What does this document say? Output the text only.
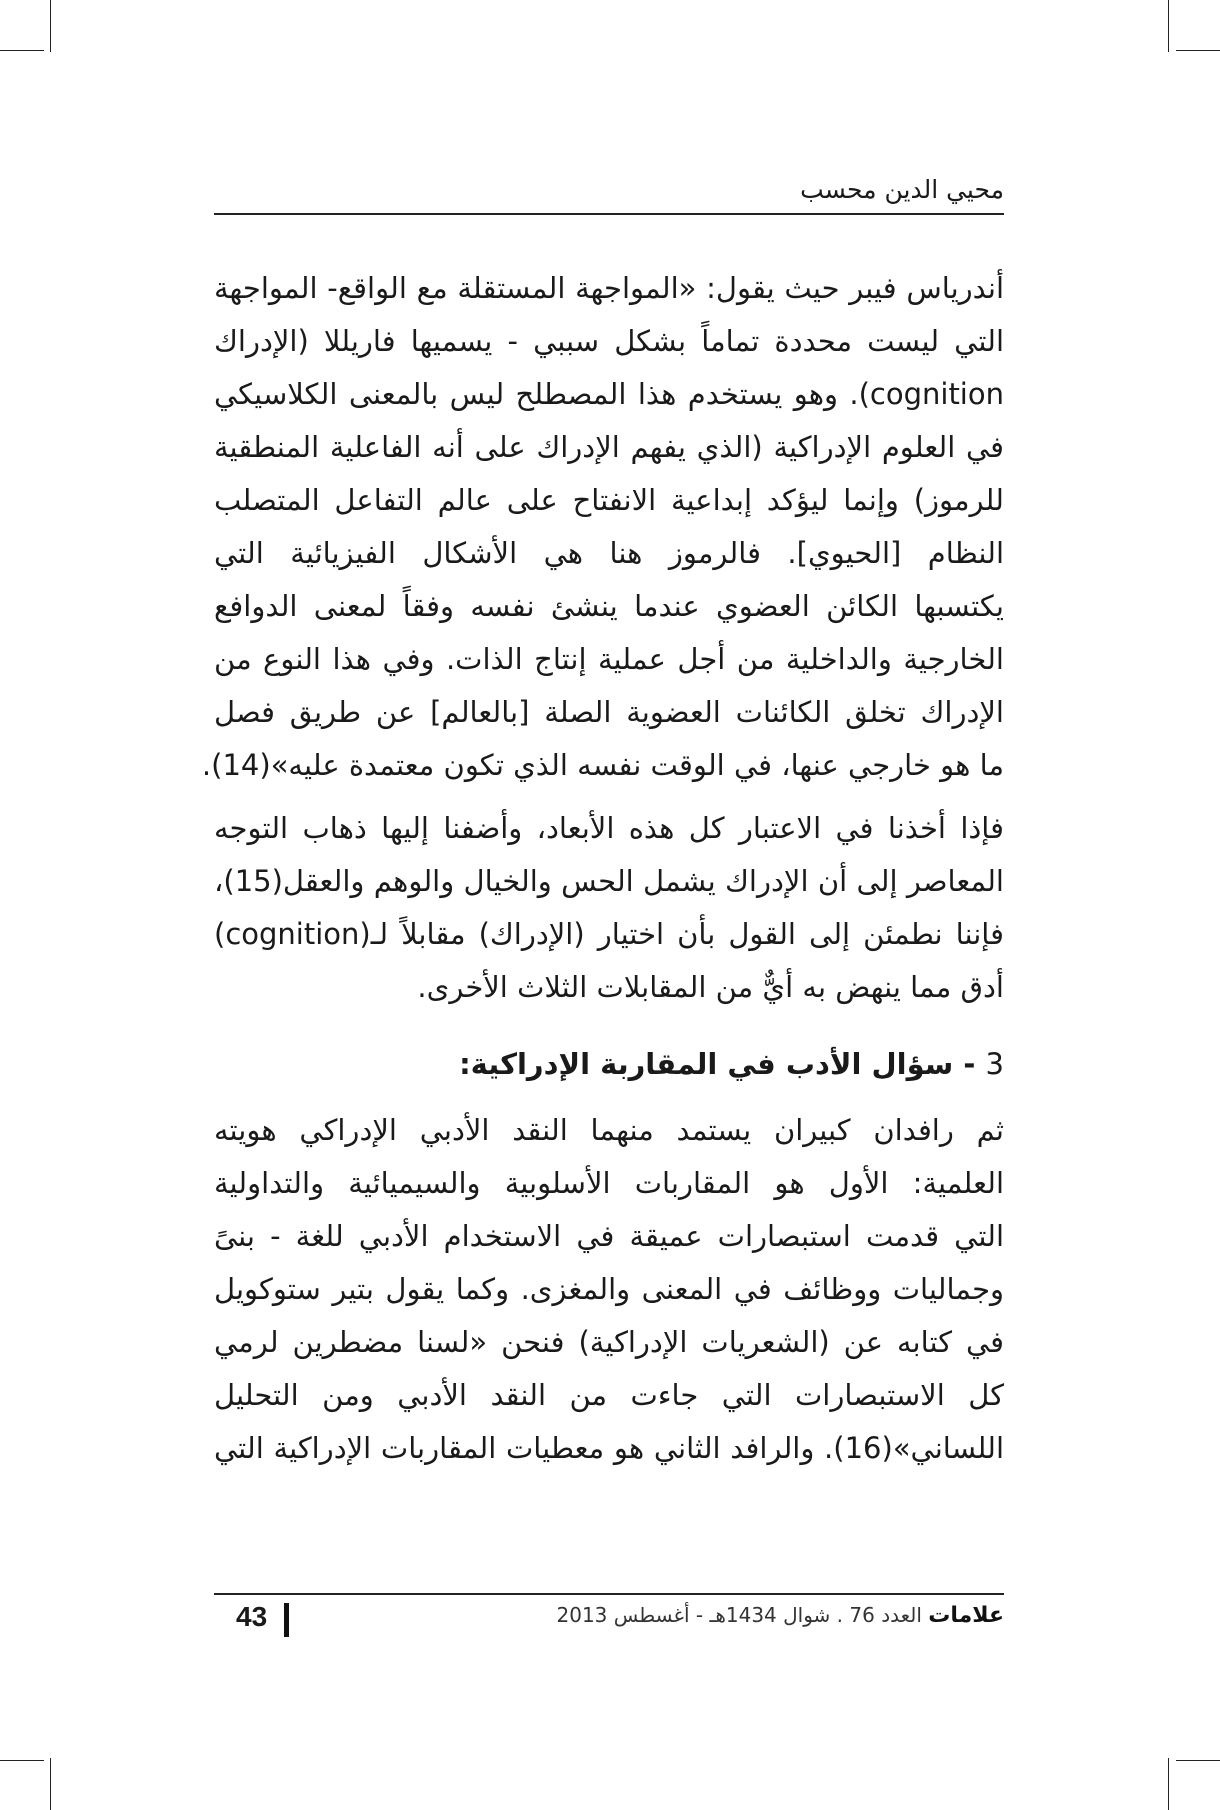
محيي الدين محسب
أندرياس فيبر حيث يقول: «المواجهة المستقلة مع الواقع- المواجهة
التي ليست محددة تماماً بشكل سببي - يسميها فاريللا (الإدراك
cognition). وهو يستخدم هذا المصطلح ليس بالمعنى الكلاسيكي
في العلوم الإدراكية (الذي يفهم الإدراك على أنه الفاعلية المنطقية
للرموز) وإنما ليؤكد إبداعية الانفتاح على عالم التفاعل المتصلب
النظام [الحيوي]. فالرموز هنا هي الأشكال الفيزيائية التي
يكتسبها الكائن العضوي عندما ينشئ نفسه وفقاً لمعنى الدوافع
الخارجية والداخلية من أجل عملية إنتاج الذات. وفي هذا النوع من
الإدراك تخلق الكائنات العضوية الصلة [بالعالم] عن طريق فصل
ما هو خارجي عنها، في الوقت نفسه الذي تكون معتمدة عليه»(14).
فإذا أخذنا في الاعتبار كل هذه الأبعاد، وأضفنا إليها ذهاب التوجه
المعاصر إلى أن الإدراك يشمل الحس والخيال والوهم والعقل(15)،
فإننا نطمئن إلى القول بأن اختيار (الإدراك) مقابلاً لـ(cognition)
أدق مما ينهض به أيٌّ من المقابلات الثلاث الأخرى.
3 - سؤال الأدب في المقاربة الإدراكية:
ثم رافدان كبيران يستمد منهما النقد الأدبي الإدراكي هويته
العلمية: الأول هو المقاربات الأسلوبية والسيميائية والتداولية
التي قدمت استبصارات عميقة في الاستخدام الأدبي للغة - بنىً
وجماليات ووظائف في المعنى والمغزى. وكما يقول بتير ستوكويل
في كتابه عن (الشعريات الإدراكية) فنحن «لسنا مضطرين لرمي
كل الاستبصارات التي جاءت من النقد الأدبي ومن التحليل
اللساني»(16). والرافد الثاني هو معطيات المقاربات الإدراكية التي
43	علامات العدد 76 . شوال 1434هـ - أغسطس 2013
